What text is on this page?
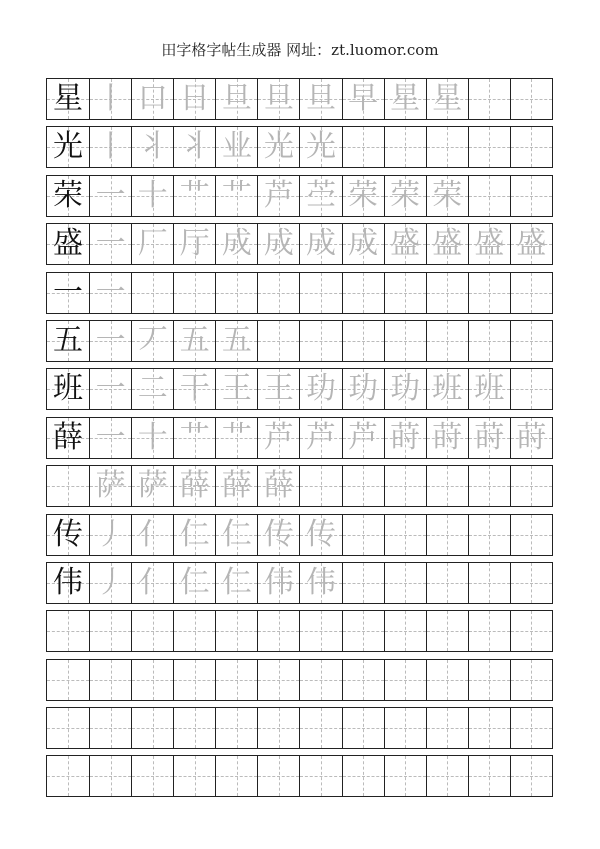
田字格字帖生成器 网址：zt.luomor.com
星 丨 口 日 旦 旦 旦 早 星 星
光 丨 丬 丬 业 光 光
荣 一 十 艹 艹 芦 苎 荣 荣 荣
盛 一 厂 厅 成 成 成 成 盛 盛 盛 盛
一 一
五 一 丆 五 五
班 一 二 干 王 王 玏 玏 玏 班 班
薛 一 十 艹 艹 芦 芦 芦 莳 莳 莳 莳
萨 萨 薛 薛 薛
传 丿 亻 仁 仁 传 传
伟 丿 亻 仁 仁 伟 伟
